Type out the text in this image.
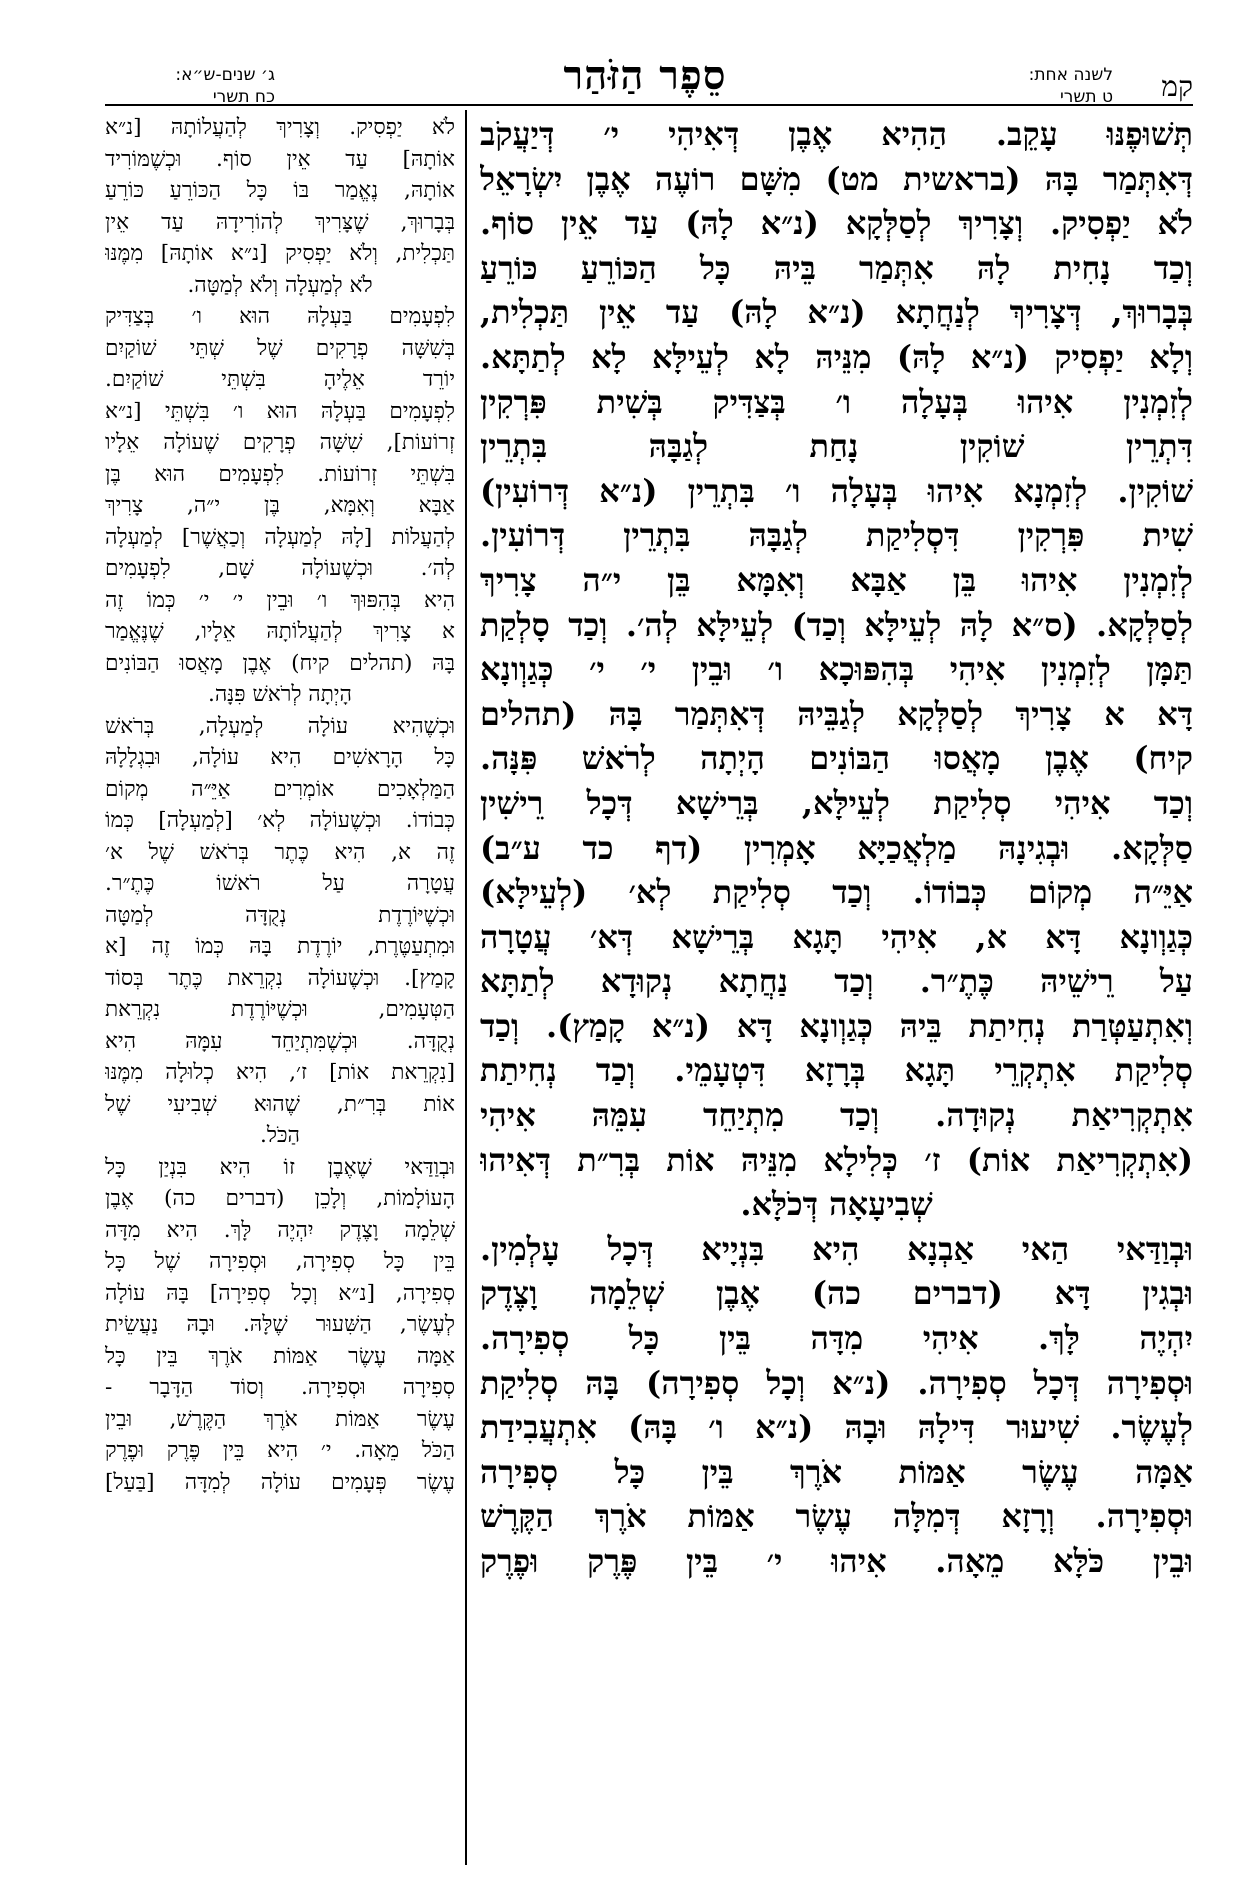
קמ
לשנה אחת:
ט תשרי
סֵפֶר הַזֹּהַר
ג׳ שנים-ש״א:
כח תשרי
תְּשׁוּפֶנּוּ עָקֵב. הַהִיא אֶבֶן דְּאִיהִי י׳ דְּיַעֲקֹב
דְּאִתְּמַר בָּהּ (בראשית מט) מִשָּׁם רוֹעֶה אֶבֶן יִשְׂרָאֵל
לֹא יַפְסִיק. וְצָרִיךְ לְסַלְּקָא (נ״א לָהּ) עַד אֵין סוֹף.
וְכַד נָחִית לָהּ אִתְּמַר בֵּיהּ כָּל הַכּוֹרֵעַ כּוֹרֵעַ
בְּבָרוּךְ, דְּצָרִיךְ לְנַחֲתָא (נ״א לָהּ) עַד אֵין תַּכְלִית,
וְלָא יַפְסִיק (נ״א לָהּ) מִנֵּיהּ לָא לְעֵילָּא לָא לְתַתָּא.
לְזִמְנִין אִיהוּ בְּעָלָה ו׳ בְּצַדִּיק בְּשִׁית פִּרְקִין
דִּתְרֵין שׁוֹקִין נָחַת לְגַבָּהּ בִּתְרֵין
שׁוֹקִין. לְזִמְנָא אִיהוּ בְּעָלָה ו׳ בִּתְרֵין (נ״א דְּרוֹעִין)
שִׁית פִּרְקִין דִּסְלִיקַת לְגַבָּהּ בִּתְרֵין דְּרוֹעִין.
לְזִמְנִין אִיהוּ בֵּן אַבָּא וְאִמָּא בֵּן י״ה צָרִיךְ
לְסַלְּקָא. (ס״א לָהּ לְעֵילָּא וְכַד) לְעֵילָּא לְה׳. וְכַד סָלְקַת
תַּמָּן לְזִמְנִין אִיהִי בְּהִפּוּכָא ו׳ וּבֵין י׳ י׳ כְּגַוְונָא
דָּא א צָרִיךְ לְסַלְּקָא לְגַבֵּיהּ דְּאִתְּמַר בָּהּ (תהלים
קיח) אֶבֶן מָאֲסוּ הַבּוֹנִים הָיְתָה לְרֹאשׁ פִּנָּה.
וְכַד אִיהִי סְלִיקַת לְעֵילָּא, בְּרֵישָׁא דְּכָל רֵישִׁין
סַלְּקָא. וּבְגִינָהּ מַלְאֲכַיָּא אָמְרִין (דף כד ע״ב)
אַיֵּ״ה מְקוֹם כְּבוֹדוֹ. וְכַד סְלִיקַת לְא׳ (לְעֵילָּא)
כְּגַוְונָא דָּא א, אִיהִי תָּגָא בְּרֵישָׁא דְּא׳ עֲטָרָה
עַל רֵישֵׁיהּ כֶּתֶ״ר. וְכַד נַחֲתָא נְקוּדָא לְתַתָּא
וְאִתְעַטְּרַת נְחִיתַת בֵּיהּ כְּגַוְונָא דָּא (נ״א קָמַץ). וְכַד
סְלִיקַת אִתְקְרֵי תָּגָא בְּרָזָא דִּטְעָמֵי. וְכַד נְחִיתַת
אִתְקְרִיאַת נְקוּדָה. וְכַד מִתְיַחֵד עִמֵּהּ אִיהִי
(אִתְקְרִיאַת אוֹת) ז׳ כְּלִילָא מִנֵּיהּ אוֹת בְּרִ״ת דְּאִיהוּ
שְׁבִיעָאָה דְּכֹלָּא.
וּבְוַדַּאי הַאי אַבְנָא הִיא בִּנְיָיא דְּכָל עָלְמִין.
וּבְגִין דָּא (דברים כה) אֶבֶן שְׁלֵמָה וָצֶדֶק
יִהְיֶה לָּךְ. אִיהִי מִדָּה בֵּין כָּל סְפִירָה.
וּסְפִירָה דְּכָל סְפִירָה. (נ״א וְכָל סְפִירָה) בָּהּ סְלִיקַת
לְעֶשֶׂר. שִׁיעוּר דִּילָהּ וּבָהּ (נ״א ו׳ בָּהּ) אִתְעֲבִידַת
אַמָּה עֶשֶׂר אַמּוֹת אֹרֶךְ בֵּין כָּל סְפִירָה
וּסְפִירָה. וְרָזָא דְּמִלָּה עֶשֶׂר אַמּוֹת אֹרֶךְ הַקֶּרֶשׁ
וּבֵין כֹּלָּא מֵאָה. אִיהוּ י׳ בֵּין פֶּרֶק וּפֶרֶק
לֹא יַפְסִיק. וְצָרִיךְ לְהַעֲלוֹתָהּ [נ״א
אוֹתָהּ] עַד אֵין סוֹף. וּכְשֶׁמּוֹרִיד
אוֹתָהּ, נֶאֱמַר בּוֹ כָּל הַכּוֹרֵעַ כּוֹרֵעַ
בְּבָרוּךְ, שֶׁצָּרִיךְ לְהוֹרִידָהּ עַד אֵין
תַּכְלִית, וְלֹא יַפְסִיק [נ״א אוֹתָהּ] מִמֶּנּוּ
לֹא לְמַעְלָה וְלֹא לְמַטָּה.
לִפְעָמִים בַּעְלָהּ הוּא ו׳ בְּצַדִּיק
בְּשִׁשָּׁה פְרָקִים שֶׁל שְׁתֵּי שׁוֹקַיִם
יוֹרֵד אֵלֶיהָ בִּשְׁתֵּי שׁוֹקַיִם.
לִפְעָמִים בַּעְלָהּ הוּא ו׳ בִּשְׁתֵּי [נ״א
זְרוֹעוֹת], שִׁשָּׁה פְרָקִים שֶׁעוֹלָה אֵלָיו
בִּשְׁתֵּי זְרוֹעוֹת. לִפְעָמִים הוּא בֶּן
אַבָּא וְאִמָּא, בֶּן י״ה, צָרִיךְ
לְהַעֲלוֹת [לָהּ לְמַעְלָה וְכַאֲשֶׁר] לְמַעְלָה
לְה׳. וּכְשֶׁעוֹלָה שָׁם, לִפְעָמִים
הִיא בְּהִפּוּךְ ו׳ וּבֵין י׳ י׳ כְּמוֹ זֶה
א צָרִיךְ לְהַעֲלוֹתָהּ אֵלָיו, שֶׁנֶּאֱמַר
בָּהּ (תהלים קיח) אֶבֶן מָאֲסוּ הַבּוֹנִים
הָיְתָה לְרֹאשׁ פִּנָּה.
וּכְשֶׁהִיא עוֹלָה לְמַעְלָה, בְּרֹאשׁ
כָּל הָרָאשִׁים הִיא עוֹלָה, וּבִגְלָלָהּ
הַמַּלְאָכִים אוֹמְרִים אַיֵּ״ה מְקוֹם
כְּבוֹדוֹ. וּכְשֶׁעוֹלָה לְא׳ [לְמַעְלָה] כְּמוֹ
זֶה א, הִיא כֶּתֶר בְּרֹאשׁ שֶׁל א׳
עֲטָרָה עַל רֹאשׁוֹ כֶּתֶ״ר.
וּכְשֶׁיּוֹרֶדֶת נְקֻדָּה לְמַטָּה
וּמִתְעַטֶּרֶת, יוֹרֶדֶת בָּהּ כְּמוֹ זֶה [א
קָמַץ]. וּכְשֶׁעוֹלָה נִקְרֵאת כֶּתֶר בְּסוֹד
הַטְּעָמִים, וּכְשֶׁיּוֹרֶדֶת נִקְרֵאת
נְקֻדָּה. וּכְשֶׁמִּתְיַחֵד עִמָּהּ הִיא
[נִקְרֵאת אוֹת] ז׳, הִיא כְלוּלָה מִמֶּנּוּ
אוֹת בְּרִ״ת, שֶׁהוּא שְׁבִיעִי שֶׁל
הַכֹּל.
וּבְוַדַּאי שֶׁאֶבֶן זוֹ הִיא בִּנְיַן כָּל
הָעוֹלָמוֹת, וְלָכֵן (דברים כה) אֶבֶן
שְׁלֵמָה וָצֶדֶק יִהְיֶה לָּךְ. הִיא מִדָּה
בֵּין כָּל סְפִירָה, וּסְפִירָה שֶׁל כָּל
סְפִירָה, [נ״א וְכָל סְפִירָה] בָּהּ עוֹלָה
לְעֶשֶׂר, הַשִּׁעוּר שֶׁלָּהּ. וּבָהּ נַעֲשֵׂית
אַמָּה עֶשֶׂר אַמּוֹת אֹרֶךְ בֵּין כָּל
סְפִירָה וּסְפִירָה. וְסוֹד הַדָּבָר -
עֶשֶׂר אַמּוֹת אֹרֶךְ הַקֶּרֶשׁ, וּבֵין
הַכֹּל מֵאָה. י׳ הִיא בֵּין פֶּרֶק וּפֶרֶק
עֶשֶׂר פְּעָמִים עוֹלָה לְמִדָּה [בַּעַל]
